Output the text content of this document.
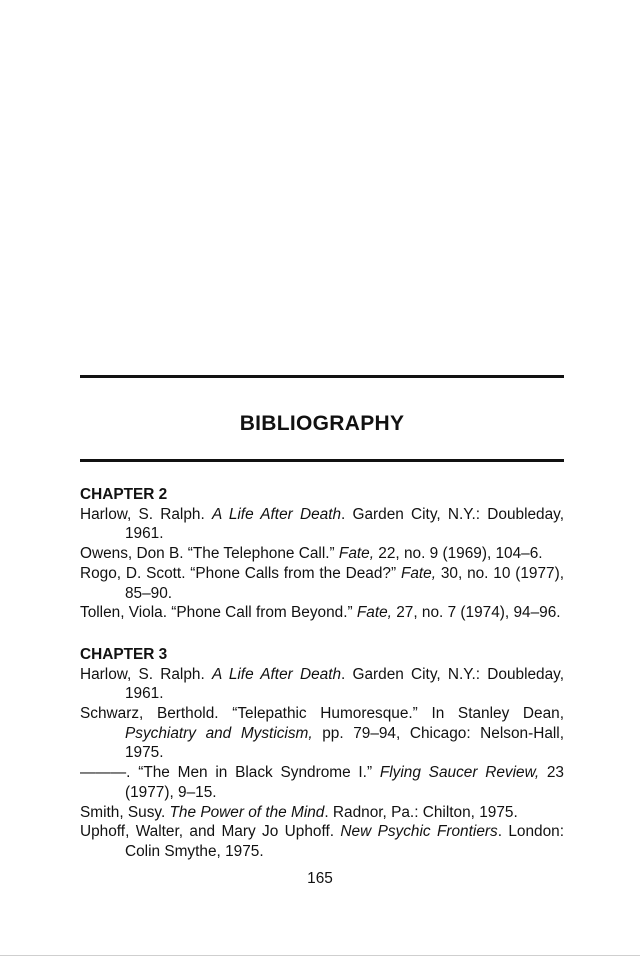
BIBLIOGRAPHY
CHAPTER 2

Harlow, S. Ralph. A Life After Death. Garden City, N.Y.: Doubleday, 1961.

Owens, Don B. “The Telephone Call.” Fate, 22, no. 9 (1969), 104–6.

Rogo, D. Scott. “Phone Calls from the Dead?” Fate, 30, no. 10 (1977), 85–90.

Tollen, Viola. “Phone Call from Beyond.” Fate, 27, no. 7 (1974), 94–96.

CHAPTER 3

Harlow, S. Ralph. A Life After Death. Garden City, N.Y.: Doubleday, 1961.

Schwarz, Berthold. “Telepathic Humoresque.” In Stanley Dean, Psychiatry and Mysticism, pp. 79–94, Chicago: Nelson-Hall, 1975.

———. “The Men in Black Syndrome I.” Flying Saucer Review, 23 (1977), 9–15.

Smith, Susy. The Power of the Mind. Radnor, Pa.: Chilton, 1975.

Uphoff, Walter, and Mary Jo Uphoff. New Psychic Frontiers. London: Colin Smythe, 1975.

165
